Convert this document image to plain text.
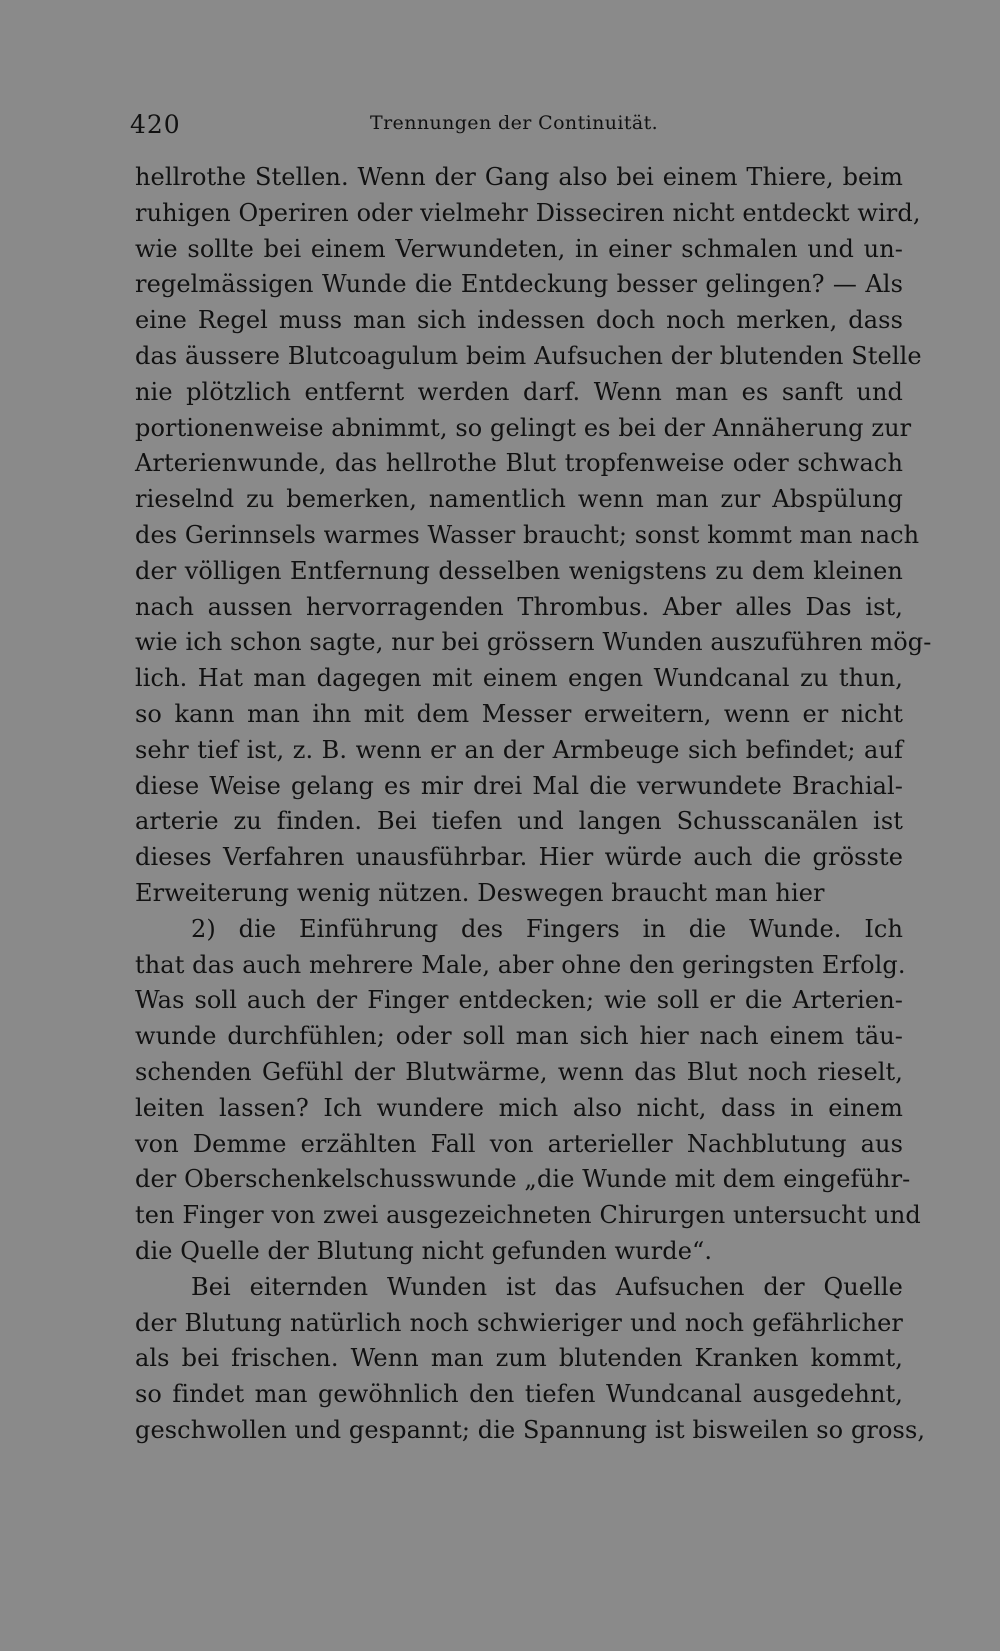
420	Trennungen der Continuität.
hellrothe Stellen. Wenn der Gang also bei einem Thiere, beim
ruhigen Operiren oder vielmehr Disseciren nicht entdeckt wird,
wie sollte bei einem Verwundeten, in einer schmalen und un-
regelmässigen Wunde die Entdeckung besser gelingen? — Als
eine Regel muss man sich indessen doch noch merken, dass
das äussere Blutcoagulum beim Aufsuchen der blutenden Stelle
nie plötzlich entfernt werden darf. Wenn man es sanft und
portionenweise abnimmt, so gelingt es bei der Annäherung zur
Arterienwunde, das hellrothe Blut tropfenweise oder schwach
rieselnd zu bemerken, namentlich wenn man zur Abspülung
des Gerinnsels warmes Wasser braucht; sonst kommt man nach
der völligen Entfernung desselben wenigstens zu dem kleinen
nach aussen hervorragenden Thrombus. Aber alles Das ist,
wie ich schon sagte, nur bei grössern Wunden auszuführen mög-
lich. Hat man dagegen mit einem engen Wundcanal zu thun,
so kann man ihn mit dem Messer erweitern, wenn er nicht
sehr tief ist, z. B. wenn er an der Armbeuge sich befindet; auf
diese Weise gelang es mir drei Mal die verwundete Brachial-
arterie zu finden. Bei tiefen und langen Schusscanälen ist
dieses Verfahren unausführbar. Hier würde auch die grösste
Erweiterung wenig nützen. Deswegen braucht man hier
2) die Einführung des Fingers in die Wunde. Ich
that das auch mehrere Male, aber ohne den geringsten Erfolg.
Was soll auch der Finger entdecken; wie soll er die Arterien-
wunde durchfühlen; oder soll man sich hier nach einem täu-
schenden Gefühl der Blutwärme, wenn das Blut noch rieselt,
leiten lassen? Ich wundere mich also nicht, dass in einem
von Demme erzählten Fall von arterieller Nachblutung aus
der Oberschenkelschusswunde „die Wunde mit dem eingeführ-
ten Finger von zwei ausgezeichneten Chirurgen untersucht und
die Quelle der Blutung nicht gefunden wurde“.
Bei eiternden Wunden ist das Aufsuchen der Quelle
der Blutung natürlich noch schwieriger und noch gefährlicher
als bei frischen. Wenn man zum blutenden Kranken kommt,
so findet man gewöhnlich den tiefen Wundcanal ausgedehnt,
geschwollen und gespannt; die Spannung ist bisweilen so gross,
